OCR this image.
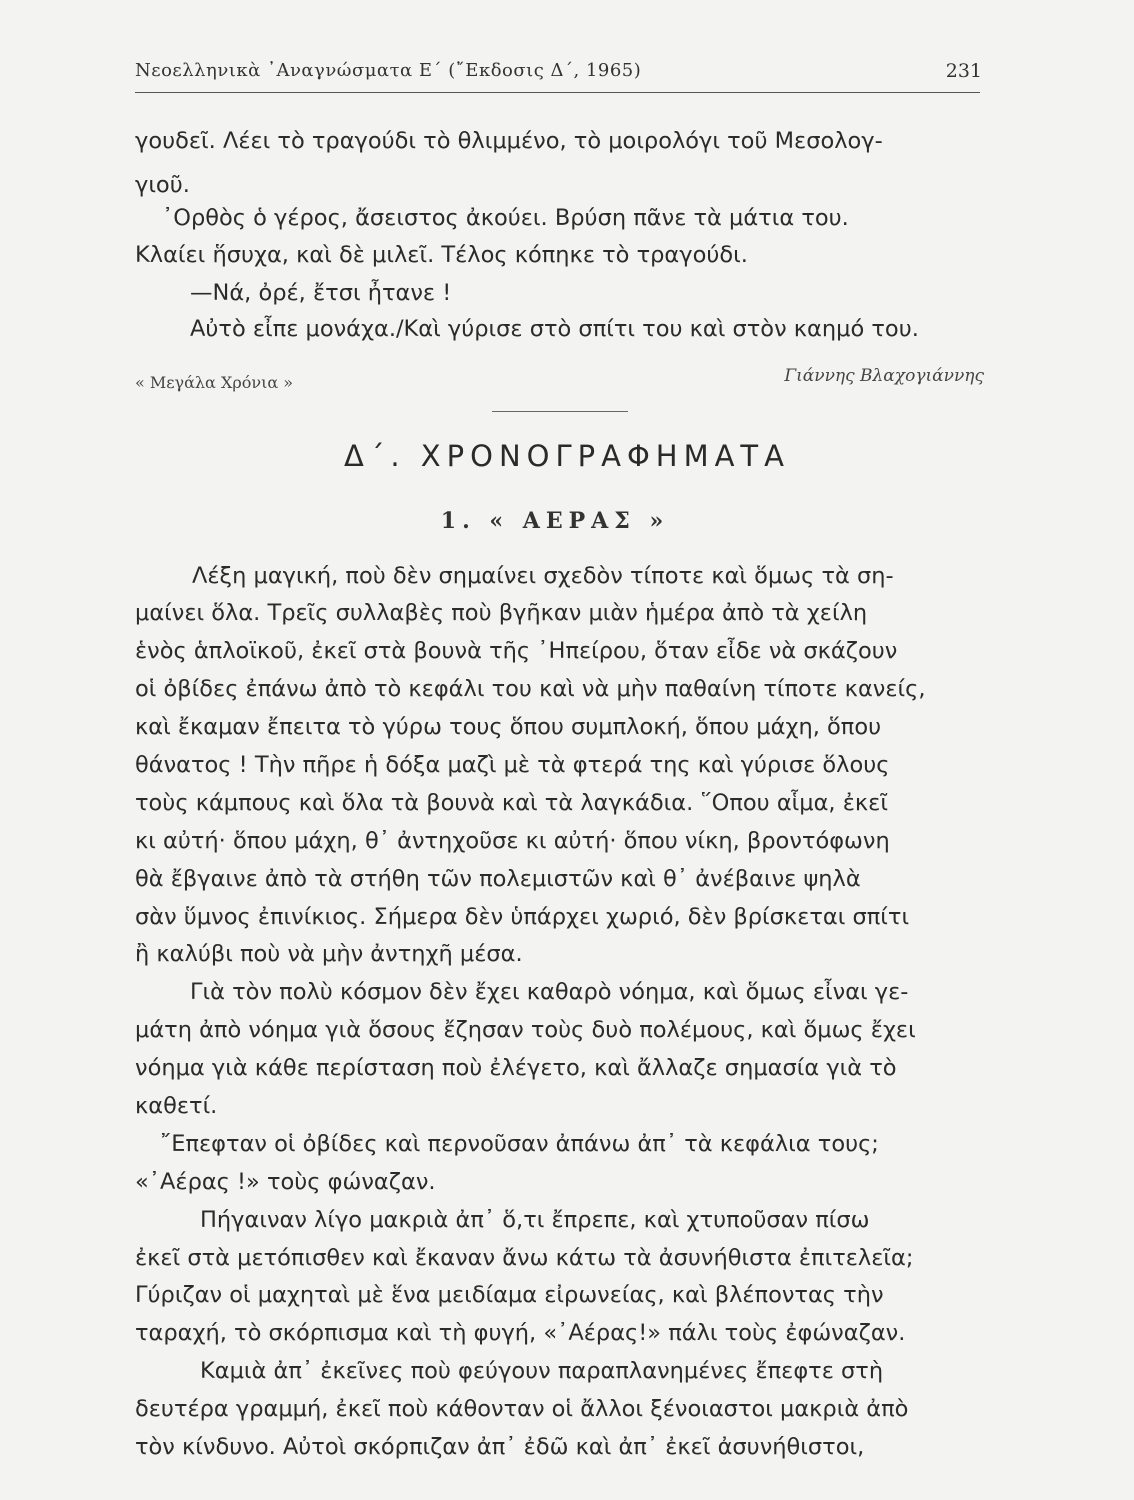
Νεοελληνικὰ ᾿Αναγνώσματα Ε΄ (῎Εκδοσις Δ΄, 1965)	231
γουδεῖ. Λέει τὸ τραγούδι τὸ θλιμμένο, τὸ μοιρολόγι τοῦ Μεσολογ-
γιοῦ.
᾿Ορθὸς ὁ γέρος, ἄσειστος ἀκούει. Βρύση πᾶνε τὰ μάτια του.
Κλαίει ἥσυχα, καὶ δὲ μιλεῖ. Τέλος κόπηκε τὸ τραγούδι.
—Νά, ὀρέ, ἔτσι ἦτανε !
Αὐτὸ εἶπε μονάχα./Καὶ γύρισε στὸ σπίτι του καὶ στὸν καημό του.
« Μεγάλα Χρόνια »	Γιάννης Βλαχογιάννης
Δ΄. ΧΡΟΝΟΓΡΑΦΗΜΑΤΑ
1. « ΑΕΡΑΣ »
Λέξη μαγική, ποὺ δὲν σημαίνει σχεδὸν τίποτε καὶ ὅμως τὰ ση-
μαίνει ὅλα. Τρεῖς συλλαβὲς ποὺ βγῆκαν μιὰν ἡμέρα ἀπὸ τὰ χείλη
ἑνὸς ἁπλοϊκοῦ, ἐκεῖ στὰ βουνὰ τῆς ᾿Ηπείρου, ὅταν εἶδε νὰ σκάζουν
οἱ ὀβίδες ἐπάνω ἀπὸ τὸ κεφάλι του καὶ νὰ μὴν παθαίνη τίποτε κανείς,
καὶ ἔκαμαν ἔπειτα τὸ γύρω τους ὅπου συμπλοκή, ὅπου μάχη, ὅπου
θάνατος ! Τὴν πῆρε ἡ δόξα μαζὶ μὲ τὰ φτερά της καὶ γύρισε ὅλους
τοὺς κάμπους καὶ ὅλα τὰ βουνὰ καὶ τὰ λαγκάδια. ῞Οπου αἷμα, ἐκεῖ
κι αὐτή· ὅπου μάχη, θ᾿ ἀντηχοῦσε κι αὐτή· ὅπου νίκη, βροντόφωνη
θὰ ἔβγαινε ἀπὸ τὰ στήθη τῶν πολεμιστῶν καὶ θ᾿ ἀνέβαινε ψηλὰ
σὰν ὕμνος ἐπινίκιος. Σήμερα δὲν ὑπάρχει χωριό, δὲν βρίσκεται σπίτι
ἢ καλύβι ποὺ νὰ μὴν ἀντηχῆ μέσα.
Γιὰ τὸν πολὺ κόσμον δὲν ἔχει καθαρὸ νόημα, καὶ ὅμως εἶναι γε-
μάτη ἀπὸ νόημα γιὰ ὅσους ἔζησαν τοὺς δυὸ πολέμους, καὶ ὅμως ἔχει
νόημα γιὰ κάθε περίσταση ποὺ ἐλέγετο, καὶ ἄλλαζε σημασία γιὰ τὸ
καθετί.
῎Επεφταν οἱ ὀβίδες καὶ περνοῦσαν ἀπάνω ἀπ᾿ τὰ κεφάλια τους;
«᾿Αέρας !» τοὺς φώναζαν.
Πήγαιναν λίγο μακριὰ ἀπ᾿ ὅ,τι ἔπρεπε, καὶ χτυποῦσαν πίσω
ἐκεῖ στὰ μετόπισθεν καὶ ἔκαναν ἄνω κάτω τὰ ἀσυνήθιστα ἐπιτελεῖα;
Γύριζαν οἱ μαχηταὶ μὲ ἕνα μειδίαμα εἰρωνείας, καὶ βλέποντας τὴν
ταραχή, τὸ σκόρπισμα καὶ τὴ φυγή, «᾿Αέρας!» πάλι τοὺς ἐφώναζαν.
Καμιὰ ἀπ᾿ ἐκεῖνες ποὺ φεύγουν παραπλανημένες ἔπεφτε στὴ
δευτέρα γραμμή, ἐκεῖ ποὺ κάθονταν οἱ ἄλλοι ξένοιαστοι μακριὰ ἀπὸ
τὸν κίνδυνο. Αὐτοὶ σκόρπιζαν ἀπ᾿ ἐδῶ καὶ ἀπ᾿ ἐκεῖ ἀσυνήθιστοι,
